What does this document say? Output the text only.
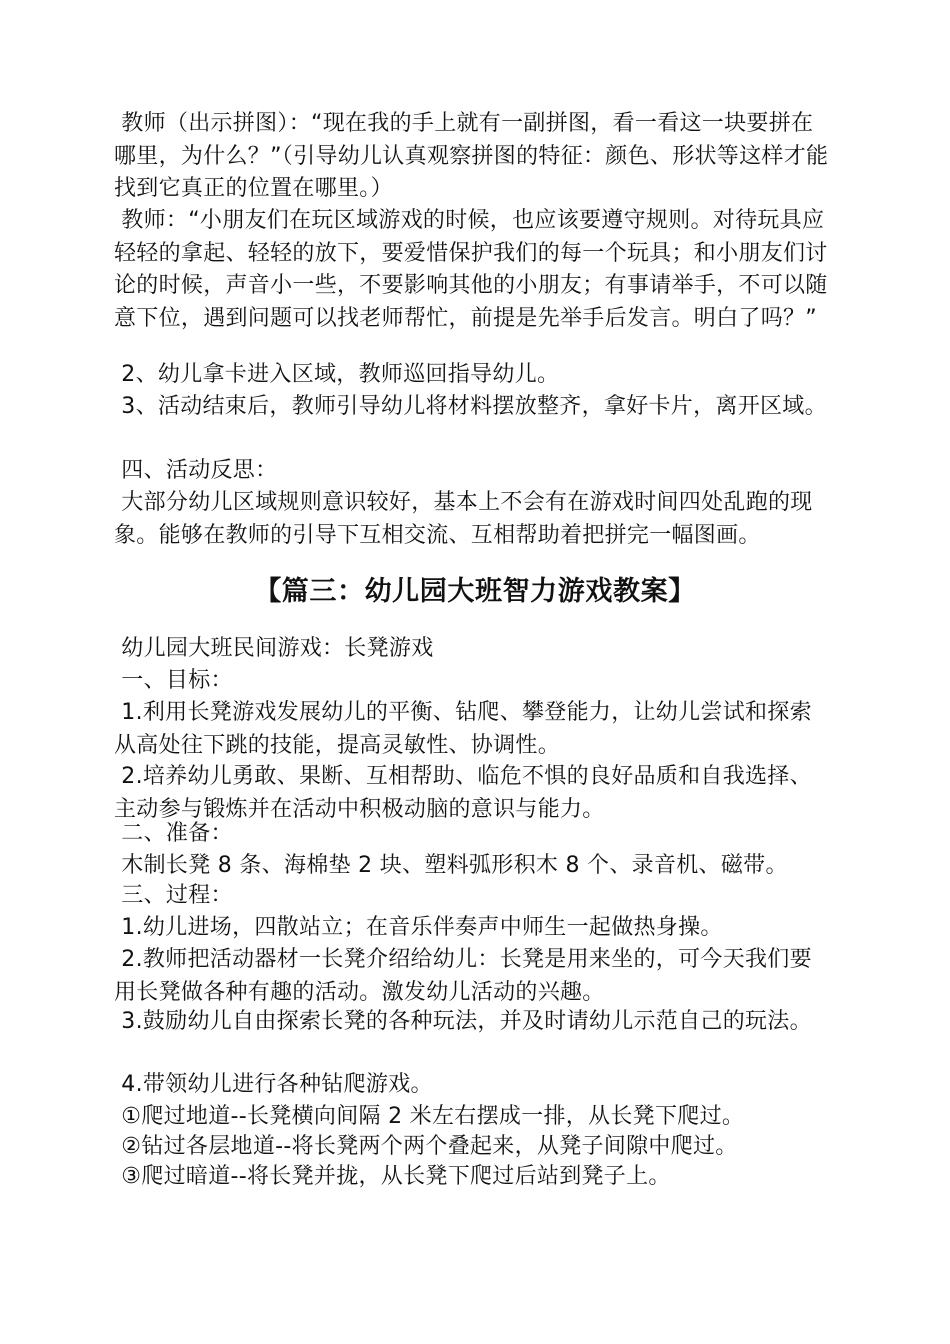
教师（出示拼图）：“现在我的手上就有一副拼图，看一看这一块要拼在哪里，为什么？”（引导幼儿认真观察拼图的特征：颜色、形状等这样才能找到它真正的位置在哪里。）

教师：“小朋友们在玩区域游戏的时候，也应该要遵守规则。对待玩具应轻轻的拿起、轻轻的放下，要爱惜保护我们的每一个玩具；和小朋友们讨论的时候，声音小一些，不要影响其他的小朋友；有事请举手，不可以随意下位，遇到问题可以找老师帮忙，前提是先举手后发言。明白了吗？”

2、幼儿拿卡进入区域，教师巡回指导幼儿。

3、活动结束后，教师引导幼儿将材料摆放整齐，拿好卡片，离开区域。

四、活动反思：

大部分幼儿区域规则意识较好，基本上不会有在游戏时间四处乱跑的现象。能够在教师的引导下互相交流、互相帮助着把拼完一幅图画。

【篇三：幼儿园大班智力游戏教案】

幼儿园大班民间游戏：长凳游戏

一、目标：

1.利用长凳游戏发展幼儿的平衡、钻爬、攀登能力，让幼儿尝试和探索从高处往下跳的技能，提高灵敏性、协调性。

2.培养幼儿勇敢、果断、互相帮助、临危不惧的良好品质和自我选择、主动参与锻炼并在活动中积极动脑的意识与能力。

二、准备：

木制长凳 8 条、海棉垫 2 块、塑料弧形积木 8 个、录音机、磁带。

三、过程：

1.幼儿进场，四散站立；在音乐伴奏声中师生一起做热身操。

2.教师把活动器材一长凳介绍给幼儿：长凳是用来坐的，可今天我们要用长凳做各种有趣的活动。激发幼儿活动的兴趣。

3.鼓励幼儿自由探索长凳的各种玩法，并及时请幼儿示范自己的玩法。

4.带领幼儿进行各种钻爬游戏。

①爬过地道--长凳横向间隔 2 米左右摆成一排，从长凳下爬过。

②钻过各层地道--将长凳两个两个叠起来，从凳子间隙中爬过。

③爬过暗道--将长凳并拢，从长凳下爬过后站到凳子上。
